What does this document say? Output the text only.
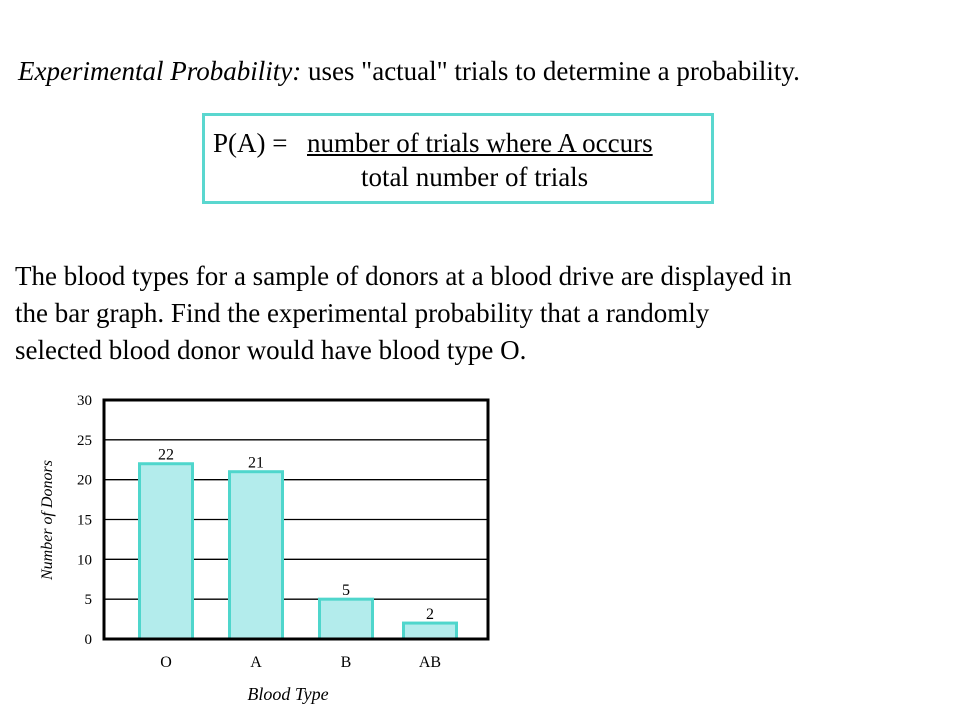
Experimental Probability: uses "actual" trials to determine a probability.
P(A) = number of trials where A occurs
total number of trials
The blood types for a sample of donors at a blood drive are displayed in
the bar graph. Find the experimental probability that a randomly
selected blood donor would have blood type O.
0
5
10
15
20
25
30
O	A	B	AB
22	21
5
2
Number of Donors
Blood Type
